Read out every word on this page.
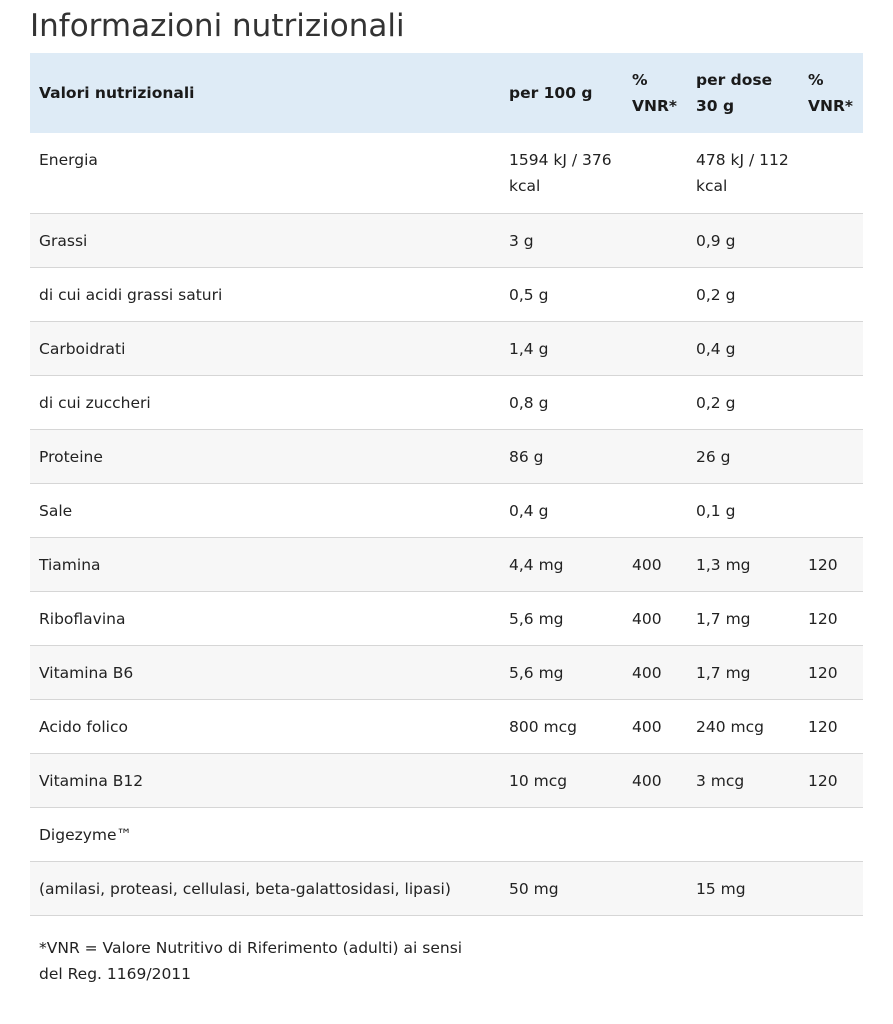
Informazioni nutrizionali
Valori nutrizionali	per 100 g	% VNR*	per dose 30 g	% VNR*
Energia	1594 kJ / 376 kcal		478 kJ / 112 kcal	
Grassi	3 g		0,9 g	
di cui acidi grassi saturi	0,5 g		0,2 g	
Carboidrati	1,4 g		0,4 g	
di cui zuccheri	0,8 g		0,2 g	
Proteine	86 g		26 g	
Sale	0,4 g		0,1 g	
Tiamina	4,4 mg	400	1,3 mg	120
Riboflavina	5,6 mg	400	1,7 mg	120
Vitamina B6	5,6 mg	400	1,7 mg	120
Acido folico	800 mcg	400	240 mcg	120
Vitamina B12	10 mcg	400	3 mcg	120
Digezyme™				
(amilasi, proteasi, cellulasi, beta-galattosidasi, lipasi)	50 mg		15 mg	
*VNR = Valore Nutritivo di Riferimento (adulti) ai sensi del Reg. 1169/2011
